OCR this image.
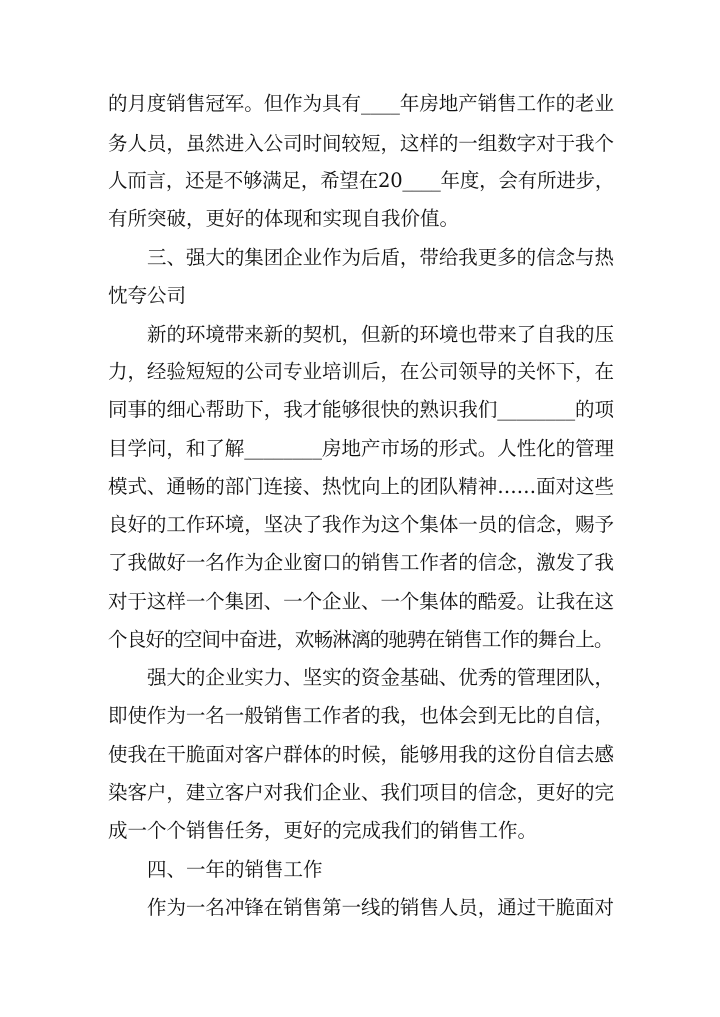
的月度销售冠军。但作为具有____年房地产销售工作的老业
务人员，虽然进入公司时间较短，这样的一组数字对于我个
人而言，还是不够满足，希望在20____年度，会有所进步，
有所突破，更好的体现和实现自我价值。
三、强大的集团企业作为后盾，带给我更多的信念与热
忱夸公司
新的环境带来新的契机，但新的环境也带来了自我的压
力，经验短短的公司专业培训后，在公司领导的关怀下，在
同事的细心帮助下，我才能够很快的熟识我们________的项
目学问，和了解________房地产市场的形式。人性化的管理
模式、通畅的部门连接、热忱向上的团队精神……面对这些
良好的工作环境，坚决了我作为这个集体一员的信念，赐予
了我做好一名作为企业窗口的销售工作者的信念，激发了我
对于这样一个集团、一个企业、一个集体的酷爱。让我在这
个良好的空间中奋进，欢畅淋漓的驰骋在销售工作的舞台上。
强大的企业实力、坚实的资金基础、优秀的管理团队，
即使作为一名一般销售工作者的我，也体会到无比的自信，
使我在干脆面对客户群体的时候，能够用我的这份自信去感
染客户，建立客户对我们企业、我们项目的信念，更好的完
成一个个销售任务，更好的完成我们的销售工作。
四、一年的销售工作
作为一名冲锋在销售第一线的销售人员，通过干脆面对
